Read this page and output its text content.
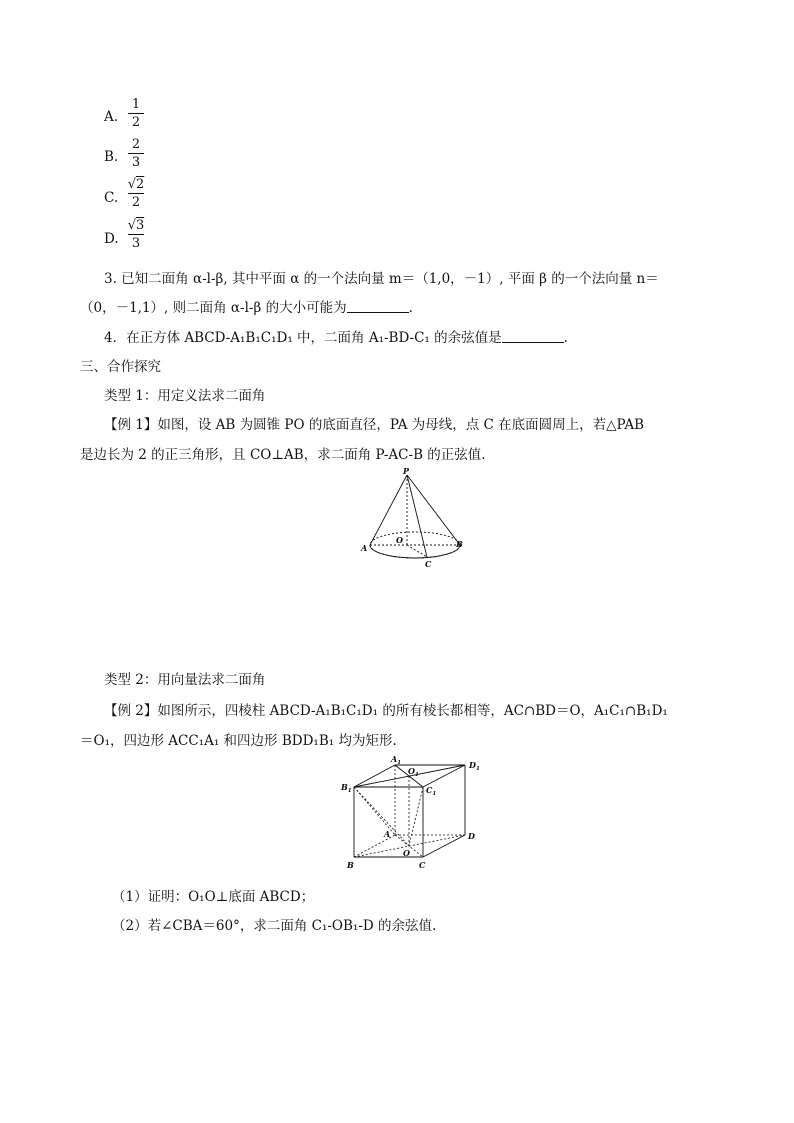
A.
1
2
B.
2
3
C.
√2
2
D.
√3
3
3. 已知二面角 α-l-β, 其中平面 α 的一个法向量 m＝（1,0，－1）, 平面 β 的一个法向量 n＝
（0，－1,1）, 则二面角 α-l-β 的大小可能为	.
4．在正方体 ABCD-A₁B₁C₁D₁ 中，二面角 A₁-BD-C₁ 的余弦值是	.
三、合作探究
类型 1：用定义法求二面角
【例 1】如图，设 AB 为圆锥 PO 的底面直径，PA 为母线，点 C 在底面圆周上，若△PAB
是边长为 2 的正三角形，且 CO⊥AB，求二面角 P-AC-B 的正弦值.
P
O
A	B
C
类型 2：用向量法求二面角
【例 2】如图所示，四棱柱 ABCD-A₁B₁C₁D₁ 的所有棱长都相等，AC∩BD＝O，A₁C₁∩B₁D₁
＝O₁，四边形 ACC₁A₁ 和四边形 BDD₁B₁ 均为矩形.
$A_1$
$O_1$
$D_1$
$B_1$	$C_1$
A	D
B
O
C
（1）证明：O₁O⊥底面 ABCD；
（2）若∠CBA＝60°，求二面角 C₁-OB₁-D 的余弦值.
